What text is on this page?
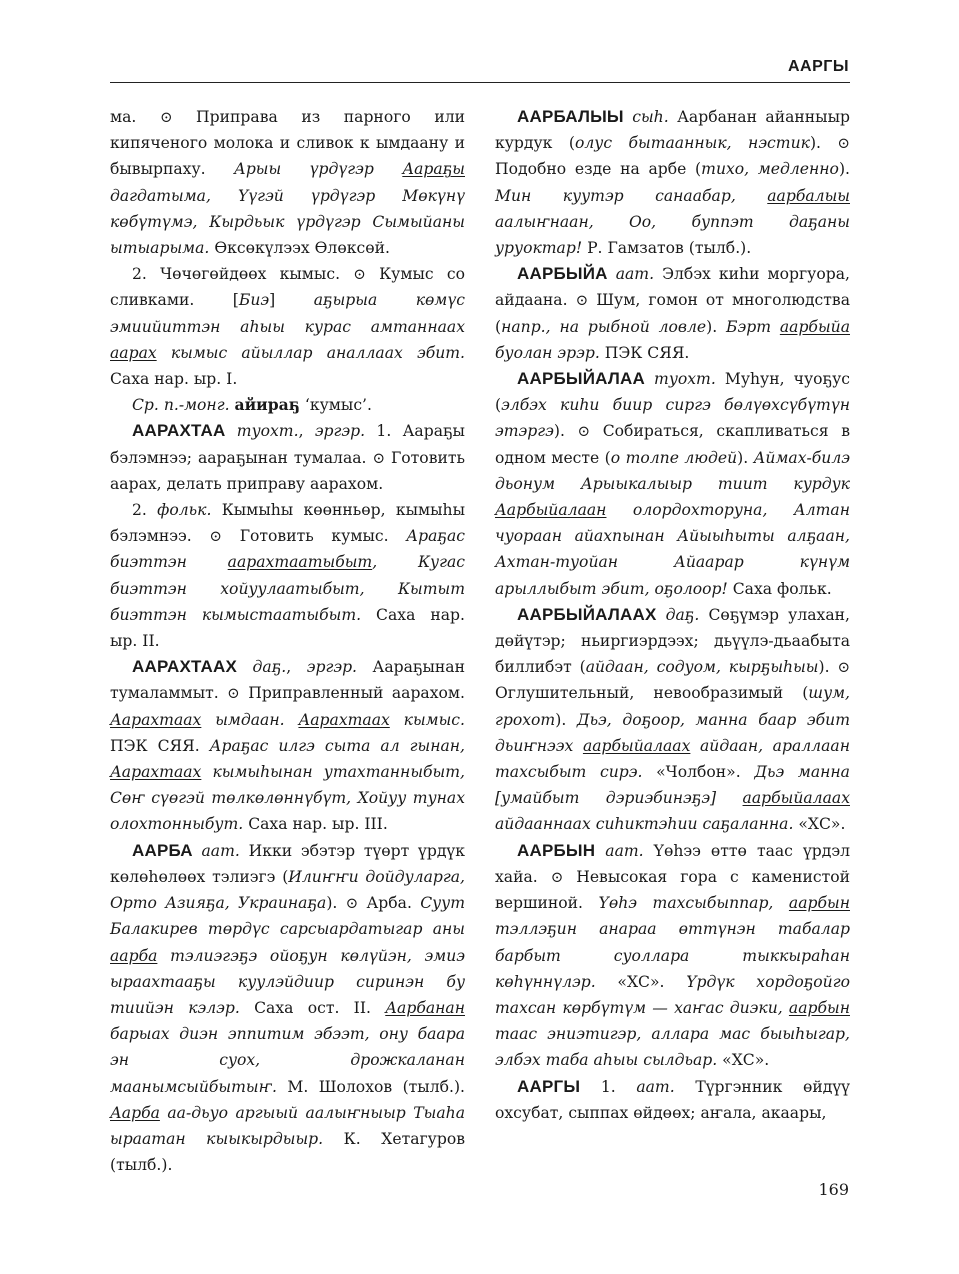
ААРГЫ

ма. ⊙ Приправа из парного или кипяченого молока и сливок к ымдаану и бывырпаху. Арыы үрдүгэр Аараҕы дагдатыма, Үүгэй үрдүгэр Мөкүнү көбүтүмэ, Кырдьык үрдүгэр Сымыйаны ытыарыма. Өксөкүлээх Өлөксөй.

2. Чөчөгөйдөөх кымыс. ⊙ Кумыс со сливками. [Биэ] аҕырыа көмүс эмиийиттэн аһыы курас амтаннаах аарах кымыс айыллар аналлаах эбит. Саха нар. ыр. I.

Ср. п.-монг. айираҕ ‘кумыс’.

ААРАХТАА туохт., эргэр. 1. Аараҕы бэлэмнээ; аараҕынан тумалаа. ⊙ Готовить аарах, делать приправу аарахом.

2. фольк. Кымыһы көөнньөр, кымыһы бэлэмнээ. ⊙ Готовить кумыс. Араҕас биэттэн аарахтаатыбыт, Кугас биэттэн хойуулаатыбыт, Кытыт биэттэн кымыстаатыбыт. Саха нар. ыр. II.

ААРАХТААХ даҕ., эргэр. Аараҕынан тумаламмыт. ⊙ Приправленный аарахом. Аарахтаах ымдаан. Аарахтаах кымыс. ПЭК СЯЯ. Араҕас илгэ сыта ал гынан, Аарахтаах кымыһынан утахтанныбыт, Сөҥ сүөгэй төлкөлөннүбүт, Хойуу тунах олохтонныбут. Саха нар. ыр. III.

ААРБА аат. Икки эбэтэр түөрт үрдүк көлөһөлөөх тэлиэгэ (Илиҥҥи дойдуларга, Орто Азияҕа, Украинаҕа). ⊙ Арба. Суут Балакирев төрдүс сарсыардатыгар аны аарба тэлиэгэҕэ ойоҕун көлүйэн, эмиэ ыраахтааҕы куулэйдиир сиринэн бу тиийэн кэлэр. Саха ост. II. Аарбанан барыах диэн эппитим эбээт, ону баара эн суох, дрожкаланан маанымсыйбытыҥ. М. Шолохов (тылб.). Аарба аа-дьуо аргыый аалыҥныыр Тыаһа ыраатан кыыкырдыыр. К. Хетагуров (тылб.).

ААРБАЛЫЫ сыһ. Аарбанан айанныыр курдук (олус бытааннык, нэстик). ⊙ Подобно езде на арбе (тихо, медленно). Мин куутэр санаабар, аарбалыы аалыҥнаан, Оо, буппэт даҕаны уруоктар! Р. Гамзатов (тылб.).

ААРБЫЙА аат. Элбэх киһи моргуора, айдаана. ⊙ Шум, гомон от многолюдства (напр., на рыбной ловле). Бэрт аарбыйа буолан эрэр. ПЭК СЯЯ.

ААРБЫЙАЛАА туохт. Муһун, чуоҕус (элбэх киһи биир сиргэ бөлүөхсүбүтүн этэргэ). ⊙ Собираться, скапливаться в одном месте (о толпе людей). Аймах-билэ дьонум Арыыкалыыр тиит курдук Аарбыйалаан олордохторуна, Алтан чуораан айахпынан Айыыһыты алҕаан, Ахтан-туойан Айаарар күнүм арыллыбыт эбит, оҕолоор! Саха фольк.

ААРБЫЙАЛААХ даҕ. Сөҕүмэр улахан, дөйүтэр; ньиргиэрдээх; дьүүлэ-дьаабыта биллибэт (айдаан, содуом, кырҕыһыы). ⊙ Оглушительный, невообразимый (шум, грохот). Дьэ, доҕоор, манна баар эбит дьиҥнээх аарбыйалаах айдаан, араллаан тахсыбыт сирэ. «Чолбон». Дьэ манна [умайбыт дэриэбинэҕэ] аарбыйалаах айдааннаах сиһиктэһии саҕаланна. «ХС».

ААРБЫН аат. Үөһээ өттө таас үрдэл хайа. ⊙ Невысокая гора с каменистой вершиной. Үөһэ тахсыбыппар, аарбын тэллэҕин анараа өттүнэн табалар барбыт суоллара тыккыраһан көһүннүлэр. «ХС». Үрдүк хордоҕойго тахсан көрбүтүм — хаҥас диэки, аарбын таас эниэтигэр, аллара мас быыһыгар, элбэх таба аһыы сылдьар. «ХС».

ААРГЫ 1. аат. Түргэнник өйдүү охсубат, сыппах өйдөөх; аҥала, акаары,

169
